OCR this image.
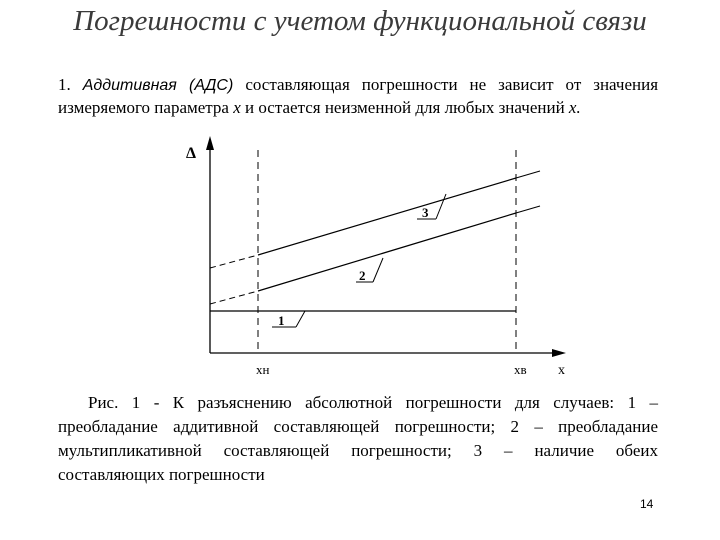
Погрешности с учетом функциональной связи
1. Аддитивная (АДС) составляющая погрешности не зависит от значения измеряемого параметра x и остается неизменной для любых значений x.
Δ
x
xн	xв
1
2
3
Рис. 1 - К разъяснению абсолютной погрешности для случаев: 1 – преобладание аддитивной составляющей погрешности; 2 – преобладание мультипликативной составляющей погрешности; 3 – наличие обеих составляющих погрешности
14
